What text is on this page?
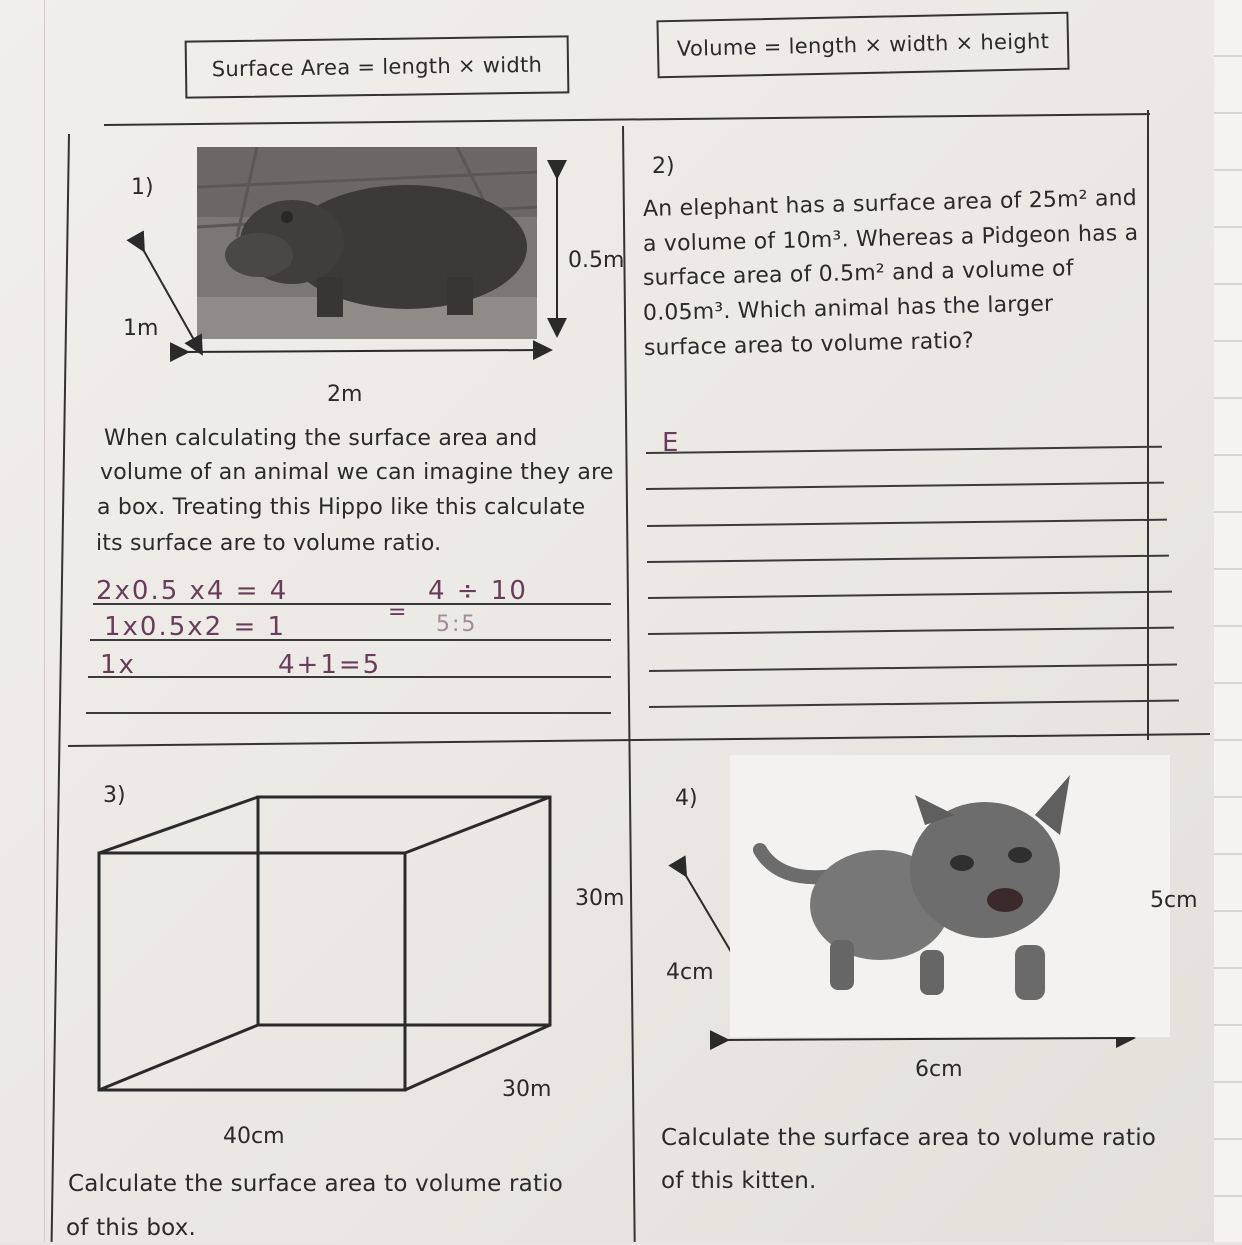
Surface Area = length × width
Volume = length × width × height
1)
0.5m
1m
2m
When calculating the surface area and
volume of an animal we can imagine they are
a box. Treating this Hippo like this calculate
its surface are to volume ratio.
2x0.5 x4 = 4
1x0.5x2 = 1
1x	4+1=5
=
4 ÷ 10
5:5
2)
An elephant has a surface area of 25m² and
a volume of 10m³. Whereas a Pidgeon has a
surface area of 0.5m² and a volume of
0.05m³. Which animal has the larger
surface area to volume ratio?
E
3)
30m
30m
40cm
Calculate the surface area to volume ratio
of this box.
4)
5cm
4cm
6cm
Calculate the surface area to volume ratio
of this kitten.
